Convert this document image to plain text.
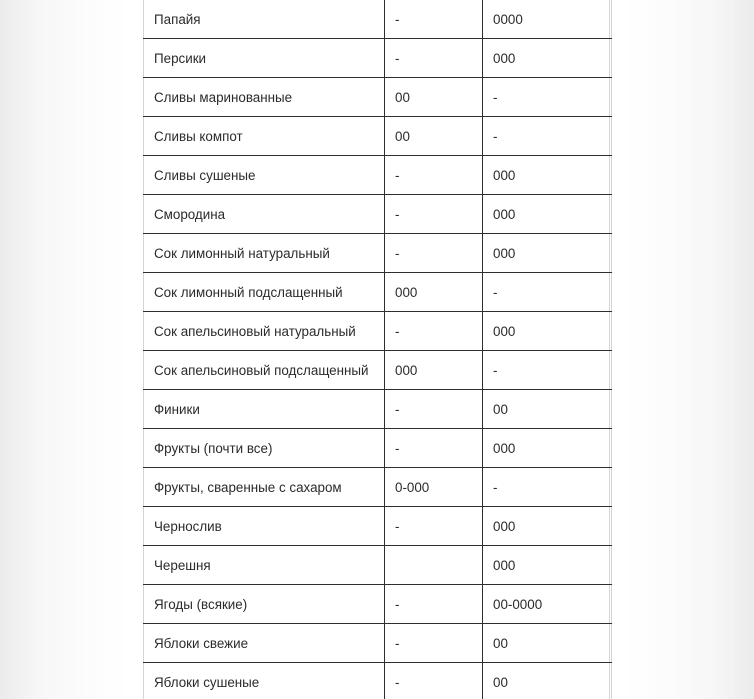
Папайя	-	0000
Персики	-	000
Сливы маринованные	00	-
Сливы компот	00	-
Сливы сушеные	-	000
Смородина	-	000
Сок лимонный натуральный	-	000
Сок лимонный подслащенный	000	-
Сок апельсиновый натуральный	-	000
Сок апельсиновый подслащенный	000	-
Финики	-	00
Фрукты (почти все)	-	000
Фрукты, сваренные с сахаром	0-000	-
Чернослив	-	000
Черешня		000
Ягоды (всякие)	-	00-0000
Яблоки свежие	-	00
Яблоки сушеные	-	00
